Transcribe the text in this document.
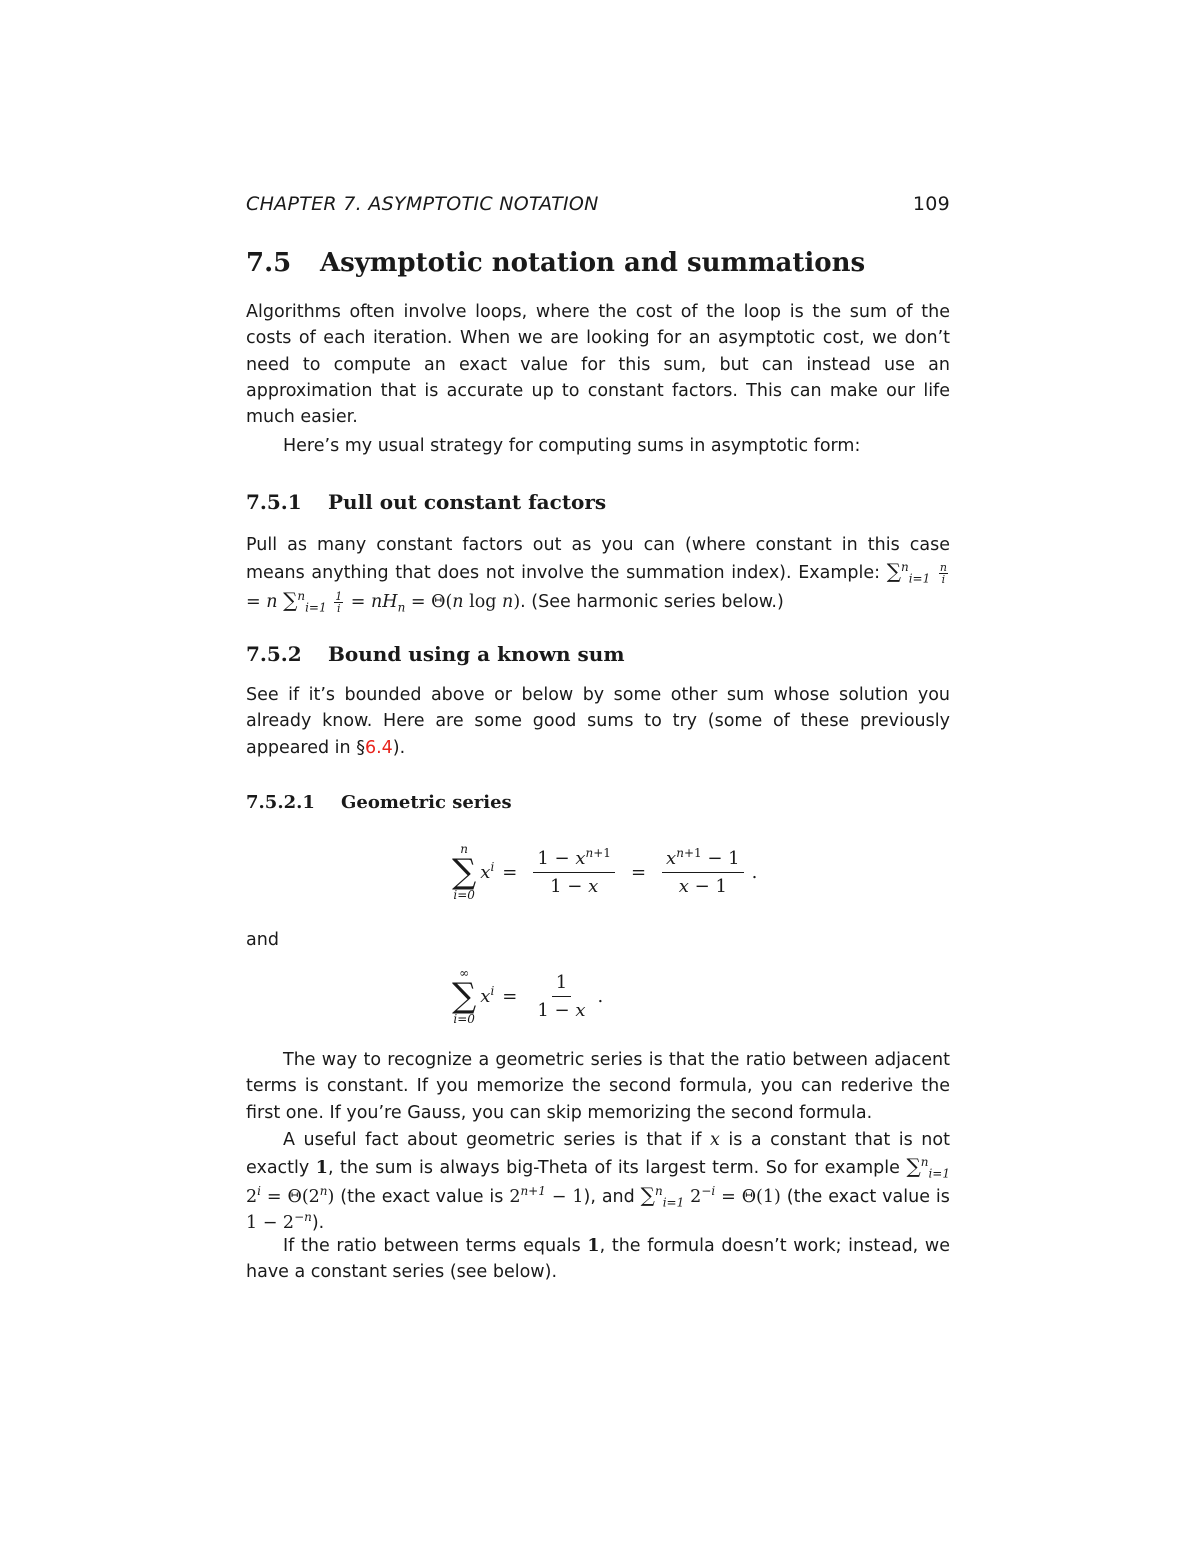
CHAPTER 7. ASYMPTOTIC NOTATION	109
7.5 Asymptotic notation and summations
Algorithms often involve loops, where the cost of the loop is the sum of the costs of each iteration. When we are looking for an asymptotic cost, we don’t need to compute an exact value for this sum, but can instead use an approximation that is accurate up to constant factors. This can make our life much easier.
Here’s my usual strategy for computing sums in asymptotic form:
7.5.1 Pull out constant factors
Pull as many constant factors out as you can (where constant in this case means anything that does not involve the summation index). Example: $\sum^n_{i=1} \frac{n}{i}$
= n $\sum^n_{i=1} \frac{1}{i} = nH_n = \Theta(n$ log n). (See harmonic series below.)
7.5.2 Bound using a known sum
See if it’s bounded above or below by some other sum whose solution you already know. Here are some good sums to try (some of these previously appeared in §6.4).
7.5.2.1 Geometric series
n
∑
i=0
$x^i = \frac{1 - x^{n+1}}{1 - x} = \frac{x^{n+1} - 1}{x - 1}$ .
and
∞
∑
i=0
$x^i = \frac{1}{1 - x}$ .
The way to recognize a geometric series is that the ratio between adjacent terms is constant. If you memorize the second formula, you can rederive the first one. If you’re Gauss, you can skip memorizing the second formula.
A useful fact about geometric series is that if x is a constant that is not exactly 1, the sum is always big-Theta of its largest term. So for example ∑$^n_{i=1}$ $2^i = \Theta(2^n)$ (the exact value is $2^{n+1} - 1$), and ∑$^n_{i=1}$ $2^{-i} = \Theta(1)$ (the exact value is $1 - 2^{-n}$).
If the ratio between terms equals 1, the formula doesn’t work; instead, we have a constant series (see below).
